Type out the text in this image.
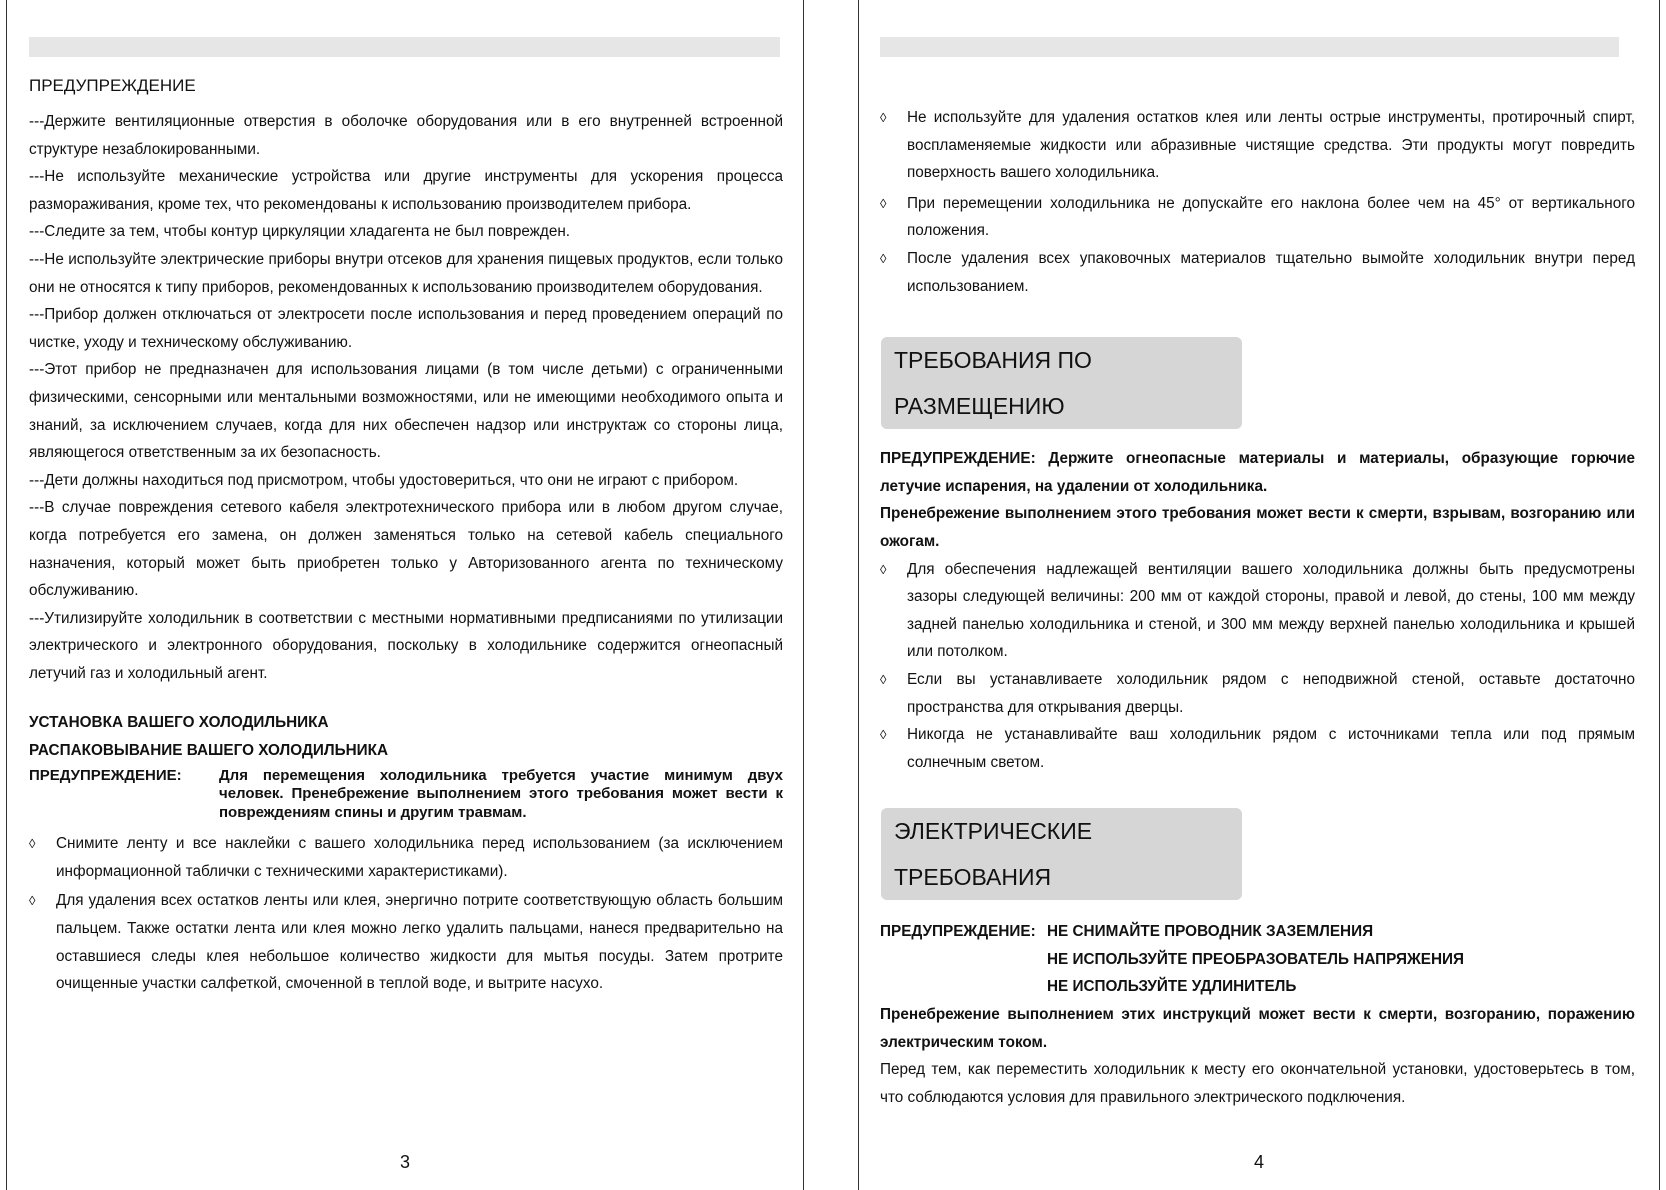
ПРЕДУПРЕЖДЕНИЕ

---Держите вентиляционные отверстия в оболочке оборудования или в его внутренней встроенной структуре незаблокированными.

---Не используйте механические устройства или другие инструменты для ускорения процесса размораживания, кроме тех, что рекомендованы к использованию производителем прибора.

---Следите за тем, чтобы контур циркуляции хладагента не был поврежден.

---Не используйте электрические приборы внутри отсеков для хранения пищевых продуктов, если только они не относятся к типу приборов, рекомендованных к использованию производителем оборудования.

---Прибор должен отключаться от электросети после использования и перед проведением операций по чистке, уходу и техническому обслуживанию.

---Этот прибор не предназначен для использования лицами (в том числе детьми) с ограниченными физическими, сенсорными или ментальными возможностями, или не имеющими необходимого опыта и знаний, за исключением случаев, когда для них обеспечен надзор или инструктаж со стороны лица, являющегося ответственным за их безопасность.

---Дети должны находиться под присмотром, чтобы удостовериться, что они не играют с прибором.

---В случае повреждения сетевого кабеля электротехнического прибора или в любом другом случае, когда потребуется его замена, он должен заменяться только на сетевой кабель специального назначения, который может быть приобретен только у Авторизованного агента по техническому обслуживанию.

---Утилизируйте холодильник в соответствии с местными нормативными предписаниями по утилизации электрического и электронного оборудования, поскольку в холодильнике содержится огнеопасный летучий газ и холодильный агент.

УСТАНОВКА ВАШЕГО ХОЛОДИЛЬНИКА

РАСПАКОВЫВАНИЕ ВАШЕГО ХОЛОДИЛЬНИКА

ПРЕДУПРЕЖДЕНИЕ:	Для перемещения холодильника требуется участие минимум двух человек. Пренебрежение выполнением этого требования может вести к повреждениям спины и другим травмам.
◊	Снимите ленту и все наклейки с вашего холодильника перед использованием (за исключением информационной таблички с техническими характеристиками).
◊	Для удаления всех остатков ленты или клея, энергично потрите соответствующую область большим пальцем. Также остатки лента или клея можно легко удалить пальцами, нанеся предварительно на оставшиеся следы клея небольшое количество жидкости для мытья посуды. Затем протрите очищенные участки салфеткой, смоченной в теплой воде, и вытрите насухо.
3
◊	Не используйте для удаления остатков клея или ленты острые инструменты, протирочный спирт, воспламеняемые жидкости или абразивные чистящие средства. Эти продукты могут повредить поверхность вашего холодильника.
◊	При перемещении холодильника не допускайте его наклона более чем на 45° от вертикального положения.
◊	После удаления всех упаковочных материалов тщательно вымойте холодильник внутри перед использованием.
ТРЕБОВАНИЯ ПО РАЗМЕЩЕНИЮ

ПРЕДУПРЕЖДЕНИЕ: Держите огнеопасные материалы и материалы, образующие горючие летучие испарения, на удалении от холодильника.

Пренебрежение выполнением этого требования может вести к смерти, взрывам, возгоранию или ожогам.

◊	Для обеспечения надлежащей вентиляции вашего холодильника должны быть предусмотрены зазоры следующей величины: 200 мм от каждой стороны, правой и левой, до стены, 100 мм между задней панелью холодильника и стеной, и 300 мм между верхней панелью холодильника и крышей или потолком.
◊	Если вы устанавливаете холодильник рядом с неподвижной стеной, оставьте достаточно пространства для открывания дверцы.
◊	Никогда не устанавливайте ваш холодильник рядом с источниками тепла или под прямым солнечным светом.
ЭЛЕКТРИЧЕСКИЕ ТРЕБОВАНИЯ
ПРЕДУПРЕЖДЕНИЕ: НЕ СНИМАЙТЕ ПРОВОДНИК ЗАЗЕМЛЕНИЯ
НЕ ИСПОЛЬЗУЙТЕ ПРЕОБРАЗОВАТЕЛЬ НАПРЯЖЕНИЯ
НЕ ИСПОЛЬЗУЙТЕ УДЛИНИТЕЛЬ

Пренебрежение выполнением этих инструкций может вести к смерти, возгоранию, поражению электрическим током.

Перед тем, как переместить холодильник к месту его окончательной установки, удостоверьтесь в том, что соблюдаются условия для правильного электрического подключения.

4
